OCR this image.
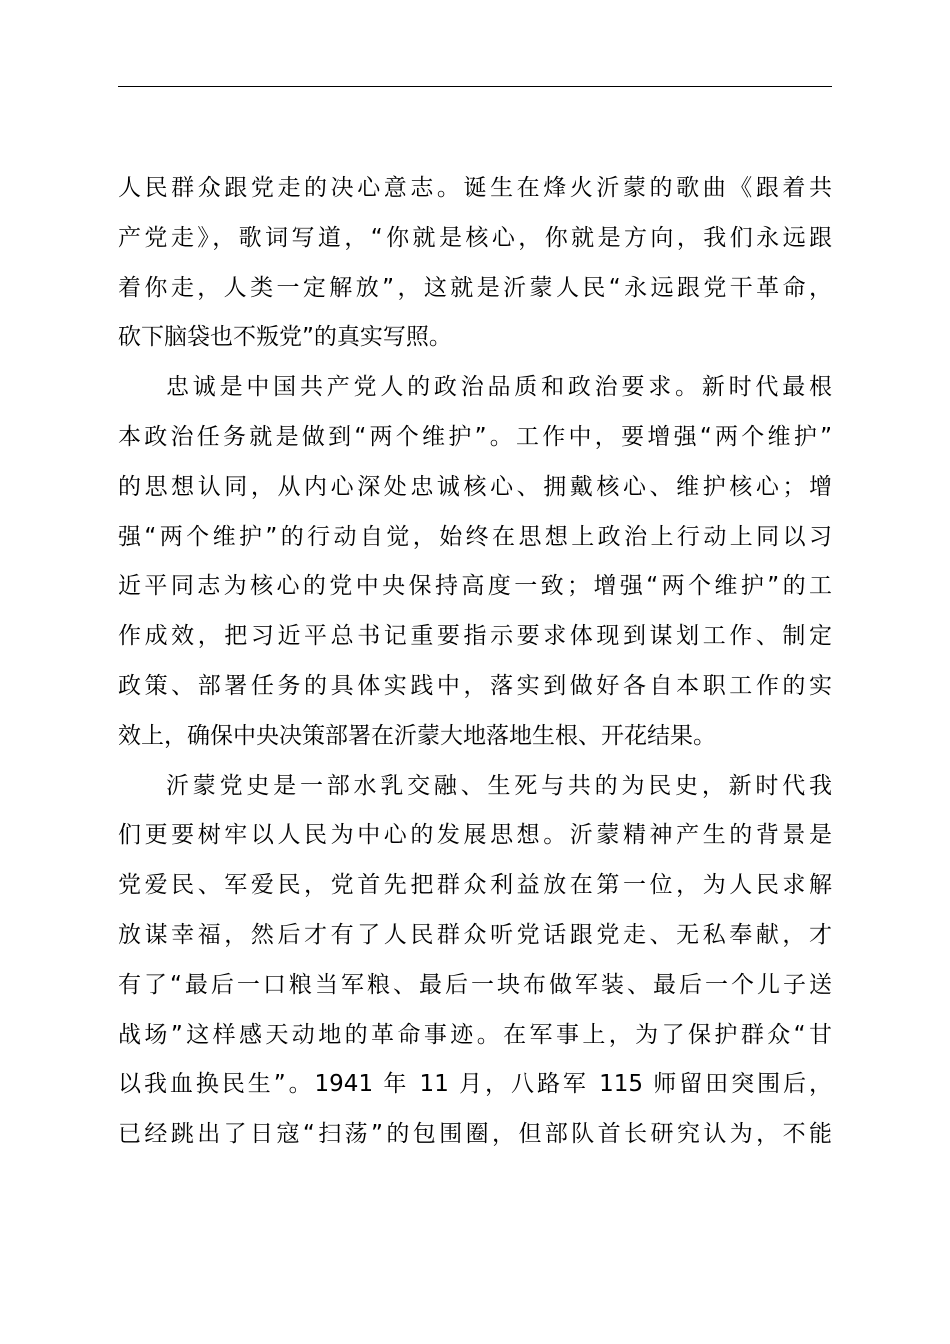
人民群众跟党走的决心意志。诞生在烽火沂蒙的歌曲《跟着共
产党走》，歌词写道，“你就是核心，你就是方向，我们永远跟
着你走，人类一定解放”，这就是沂蒙人民“永远跟党干革命，
砍下脑袋也不叛党”的真实写照。
忠诚是中国共产党人的政治品质和政治要求。新时代最根
本政治任务就是做到“两个维护”。工作中，要增强“两个维护”
的思想认同，从内心深处忠诚核心、拥戴核心、维护核心；增
强“两个维护”的行动自觉，始终在思想上政治上行动上同以习
近平同志为核心的党中央保持高度一致；增强“两个维护”的工
作成效，把习近平总书记重要指示要求体现到谋划工作、制定
政策、部署任务的具体实践中，落实到做好各自本职工作的实
效上，确保中央决策部署在沂蒙大地落地生根、开花结果。
沂蒙党史是一部水乳交融、生死与共的为民史，新时代我
们更要树牢以人民为中心的发展思想。沂蒙精神产生的背景是
党爱民、军爱民，党首先把群众利益放在第一位，为人民求解
放谋幸福，然后才有了人民群众听党话跟党走、无私奉献，才
有了“最后一口粮当军粮、最后一块布做军装、最后一个儿子送
战场”这样感天动地的革命事迹。在军事上，为了保护群众“甘
以我血换民生”。1941 年 11 月，八路军 115 师留田突围后，
已经跳出了日寇“扫荡”的包围圈，但部队首长研究认为，不能
